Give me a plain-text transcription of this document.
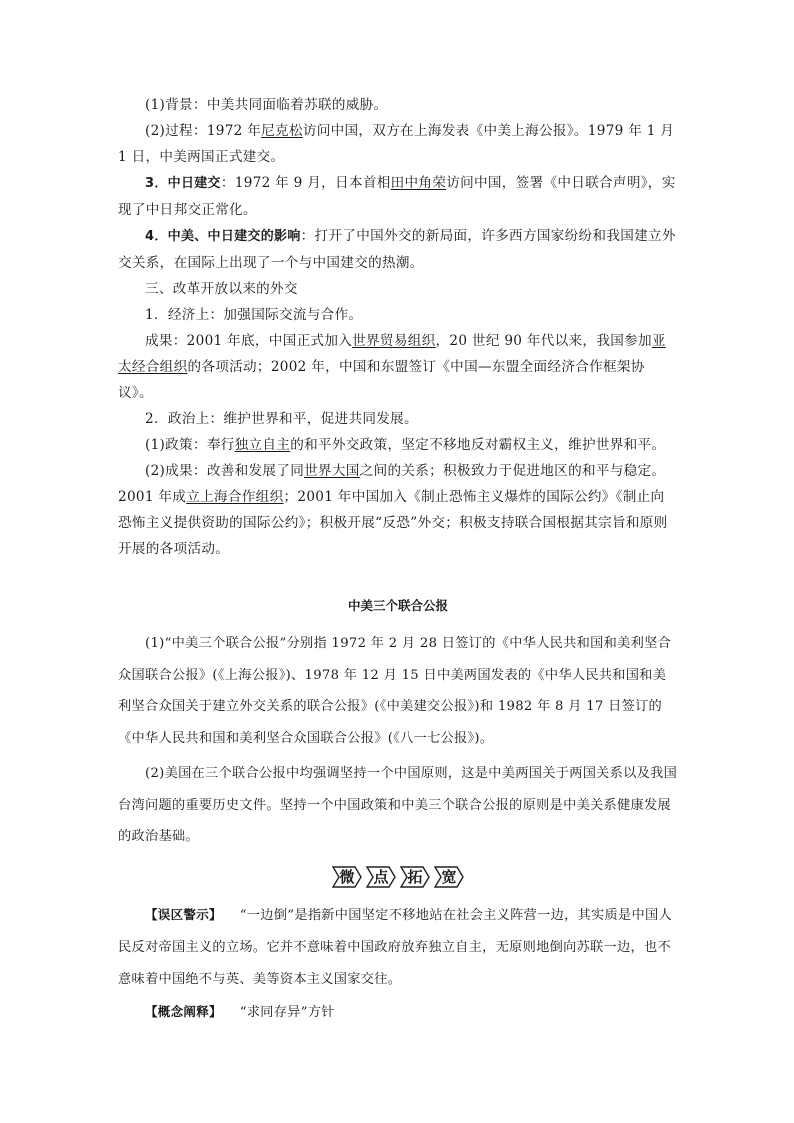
(1)背景：中美共同面临着苏联的威胁。

(2)过程：1972 年尼克松访问中国，双方在上海发表《中美上海公报》。1979 年 1 月 1 日，中美两国正式建交。

3．中日建交：1972 年 9 月，日本首相田中角荣访问中国，签署《中日联合声明》，实现了中日邦交正常化。

4．中美、中日建交的影响：打开了中国外交的新局面，许多西方国家纷纷和我国建立外交关系，在国际上出现了一个与中国建交的热潮。

三、改革开放以来的外交

1．经济上：加强国际交流与合作。

成果：2001 年底，中国正式加入世界贸易组织，20 世纪 90 年代以来，我国参加亚太经合组织的各项活动；2002 年，中国和东盟签订《中国—东盟全面经济合作框架协议》。

2．政治上：维护世界和平，促进共同发展。

(1)政策：奉行独立自主的和平外交政策，坚定不移地反对霸权主义，维护世界和平。

(2)成果：改善和发展了同世界大国之间的关系；积极致力于促进地区的和平与稳定。2001 年成立上海合作组织；2001 年中国加入《制止恐怖主义爆炸的国际公约》《制止向恐怖主义提供资助的国际公约》；积极开展“反恐”外交；积极支持联合国根据其宗旨和原则开展的各项活动。

中美三个联合公报

(1)“中美三个联合公报”分别指 1972 年 2 月 28 日签订的《中华人民共和国和美利坚合众国联合公报》(《上海公报》)、1978 年 12 月 15 日中美两国发表的《中华人民共和国和美利坚合众国关于建立外交关系的联合公报》(《中美建交公报》)和 1982 年 8 月 17 日签订的《中华人民共和国和美利坚合众国联合公报》(《八一七公报》)。

(2)美国在三个联合公报中均强调坚持一个中国原则，这是中美两国关于两国关系以及我国台湾问题的重要历史文件。坚持一个中国政策和中美三个联合公报的原则是中美关系健康发展的政治基础。

微 点 拓 宽

【误区警示】 “一边倒”是指新中国坚定不移地站在社会主义阵营一边，其实质是中国人民反对帝国主义的立场。它并不意味着中国政府放弃独立自主，无原则地倒向苏联一边，也不意味着中国绝不与英、美等资本主义国家交往。

【概念阐释】 “求同存异”方针
